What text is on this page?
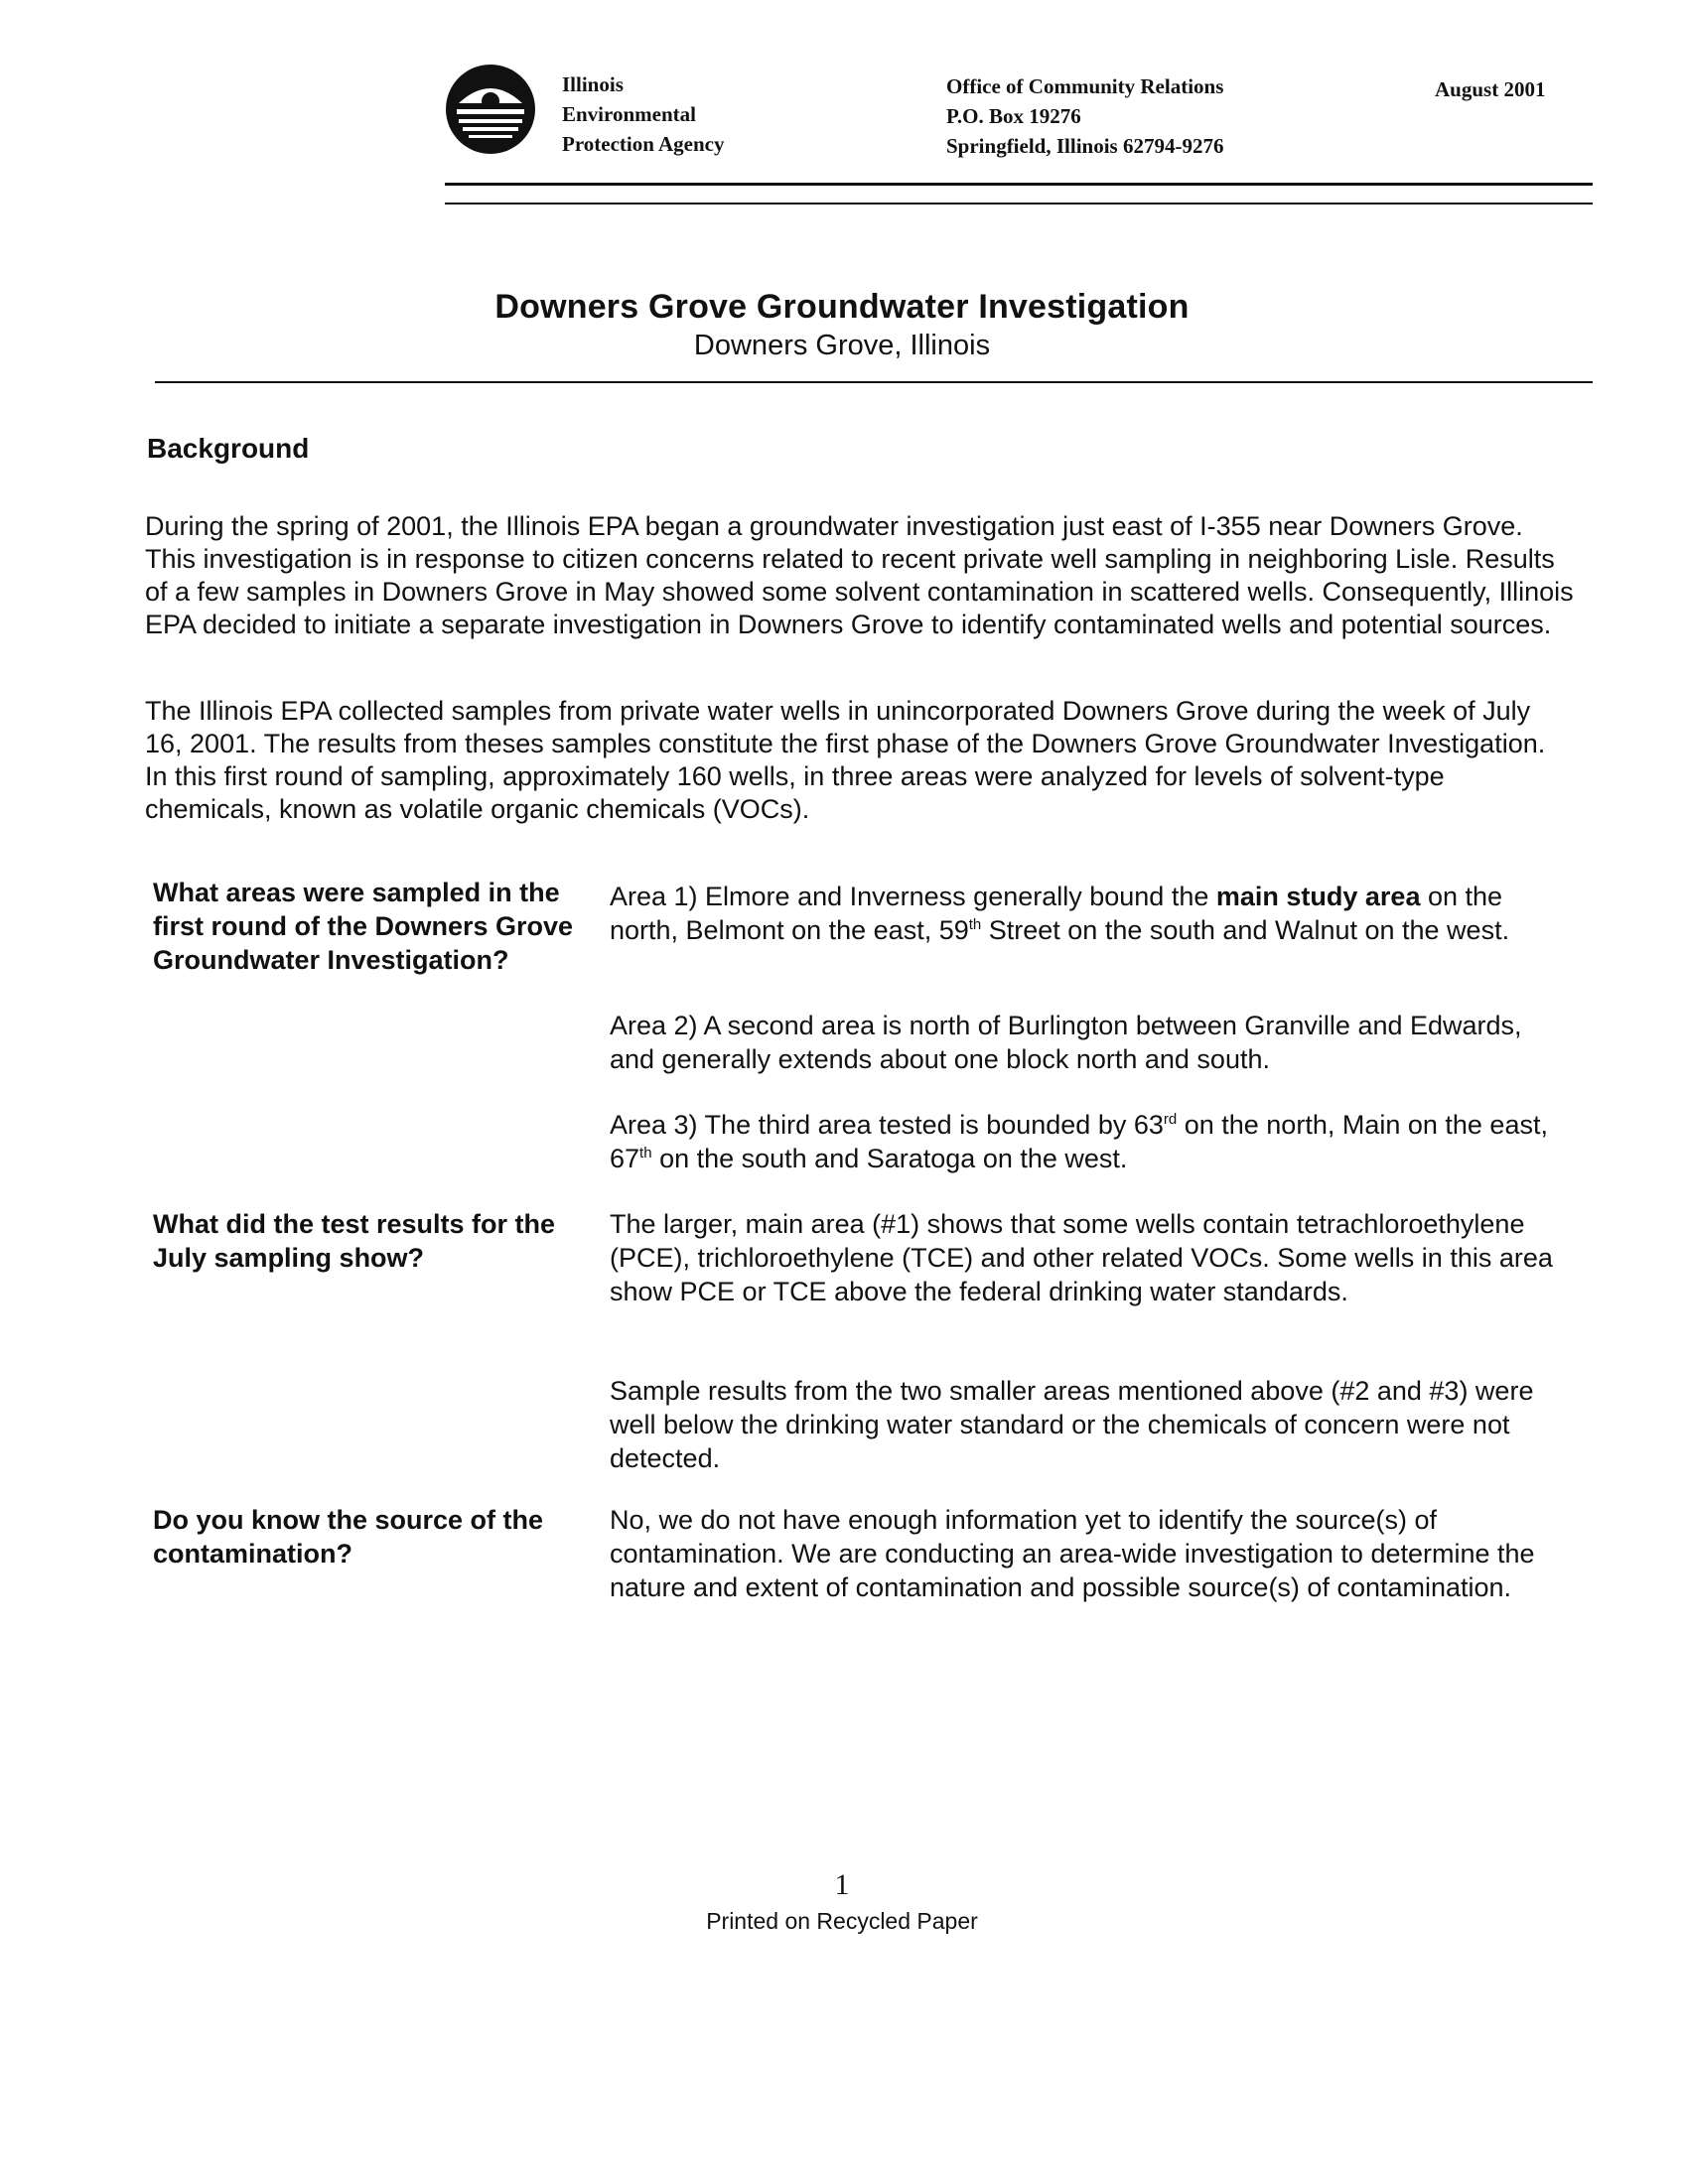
Illinois
Environmental
Protection Agency
Office of Community Relations
P.O. Box 19276
Springfield, Illinois 62794-9276
August 2001
Downers Grove Groundwater Investigation
Downers Grove, Illinois
Background
During the spring of 2001, the Illinois EPA began a groundwater investigation just east of I-355 near Downers Grove. This investigation is in response to citizen concerns related to recent private well sampling in neighboring Lisle. Results of a few samples in Downers Grove in May showed some solvent contamination in scattered wells. Consequently, Illinois EPA decided to initiate a separate investigation in Downers Grove to identify contaminated wells and potential sources.
The Illinois EPA collected samples from private water wells in unincorporated Downers Grove during the week of July 16, 2001. The results from theses samples constitute the first phase of the Downers Grove Groundwater Investigation. In this first round of sampling, approximately 160 wells, in three areas were analyzed for levels of solvent-type chemicals, known as volatile organic chemicals (VOCs).
What areas were sampled in the first round of the Downers Grove Groundwater Investigation?
Area 1) Elmore and Inverness generally bound the main study area on the north, Belmont on the east, 59th Street on the south and Walnut on the west.
Area 2) A second area is north of Burlington between Granville and Edwards, and generally extends about one block north and south.
Area 3) The third area tested is bounded by 63rd on the north, Main on the east, 67th on the south and Saratoga on the west.
What did the test results for the July sampling show?
The larger, main area (#1) shows that some wells contain tetrachloroethylene (PCE), trichloroethylene (TCE) and other related VOCs. Some wells in this area show PCE or TCE above the federal drinking water standards.
Sample results from the two smaller areas mentioned above (#2 and #3) were well below the drinking water standard or the chemicals of concern were not detected.
Do you know the source of the contamination?
No, we do not have enough information yet to identify the source(s) of contamination. We are conducting an area-wide investigation to determine the nature and extent of contamination and possible source(s) of contamination.
1
Printed on Recycled Paper
